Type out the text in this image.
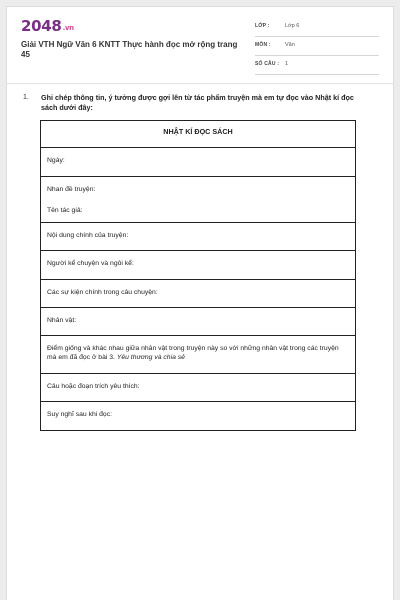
2048.vn
Giải VTH Ngữ Văn 6 KNTT Thực hành đọc mở rộng trang 45
LỚP :	Lớp 6
MÔN :	Văn
SỐ CÂU : 1
1. Ghi chép thông tin, ý tưởng được gợi lên từ tác phẩm truyện mà em tự đọc vào Nhật kí đọc sách dưới đây:
NHẬT KÍ ĐỌC SÁCH
Ngày:

Nhan đề truyện:
Tên tác giả:

Nội dung chính của truyện:
Người kể chuyện và ngôi kể:
Các sự kiện chính trong câu chuyện:
Nhân vật:
Điểm giống và khác nhau giữa nhân vật trong truyện này so với những nhân vật trong các truyện mà em đã đọc ở bài 3. Yêu thương và chia sẻ
Câu hoặc đoạn trích yêu thích:
Suy nghĩ sau khi đọc:
